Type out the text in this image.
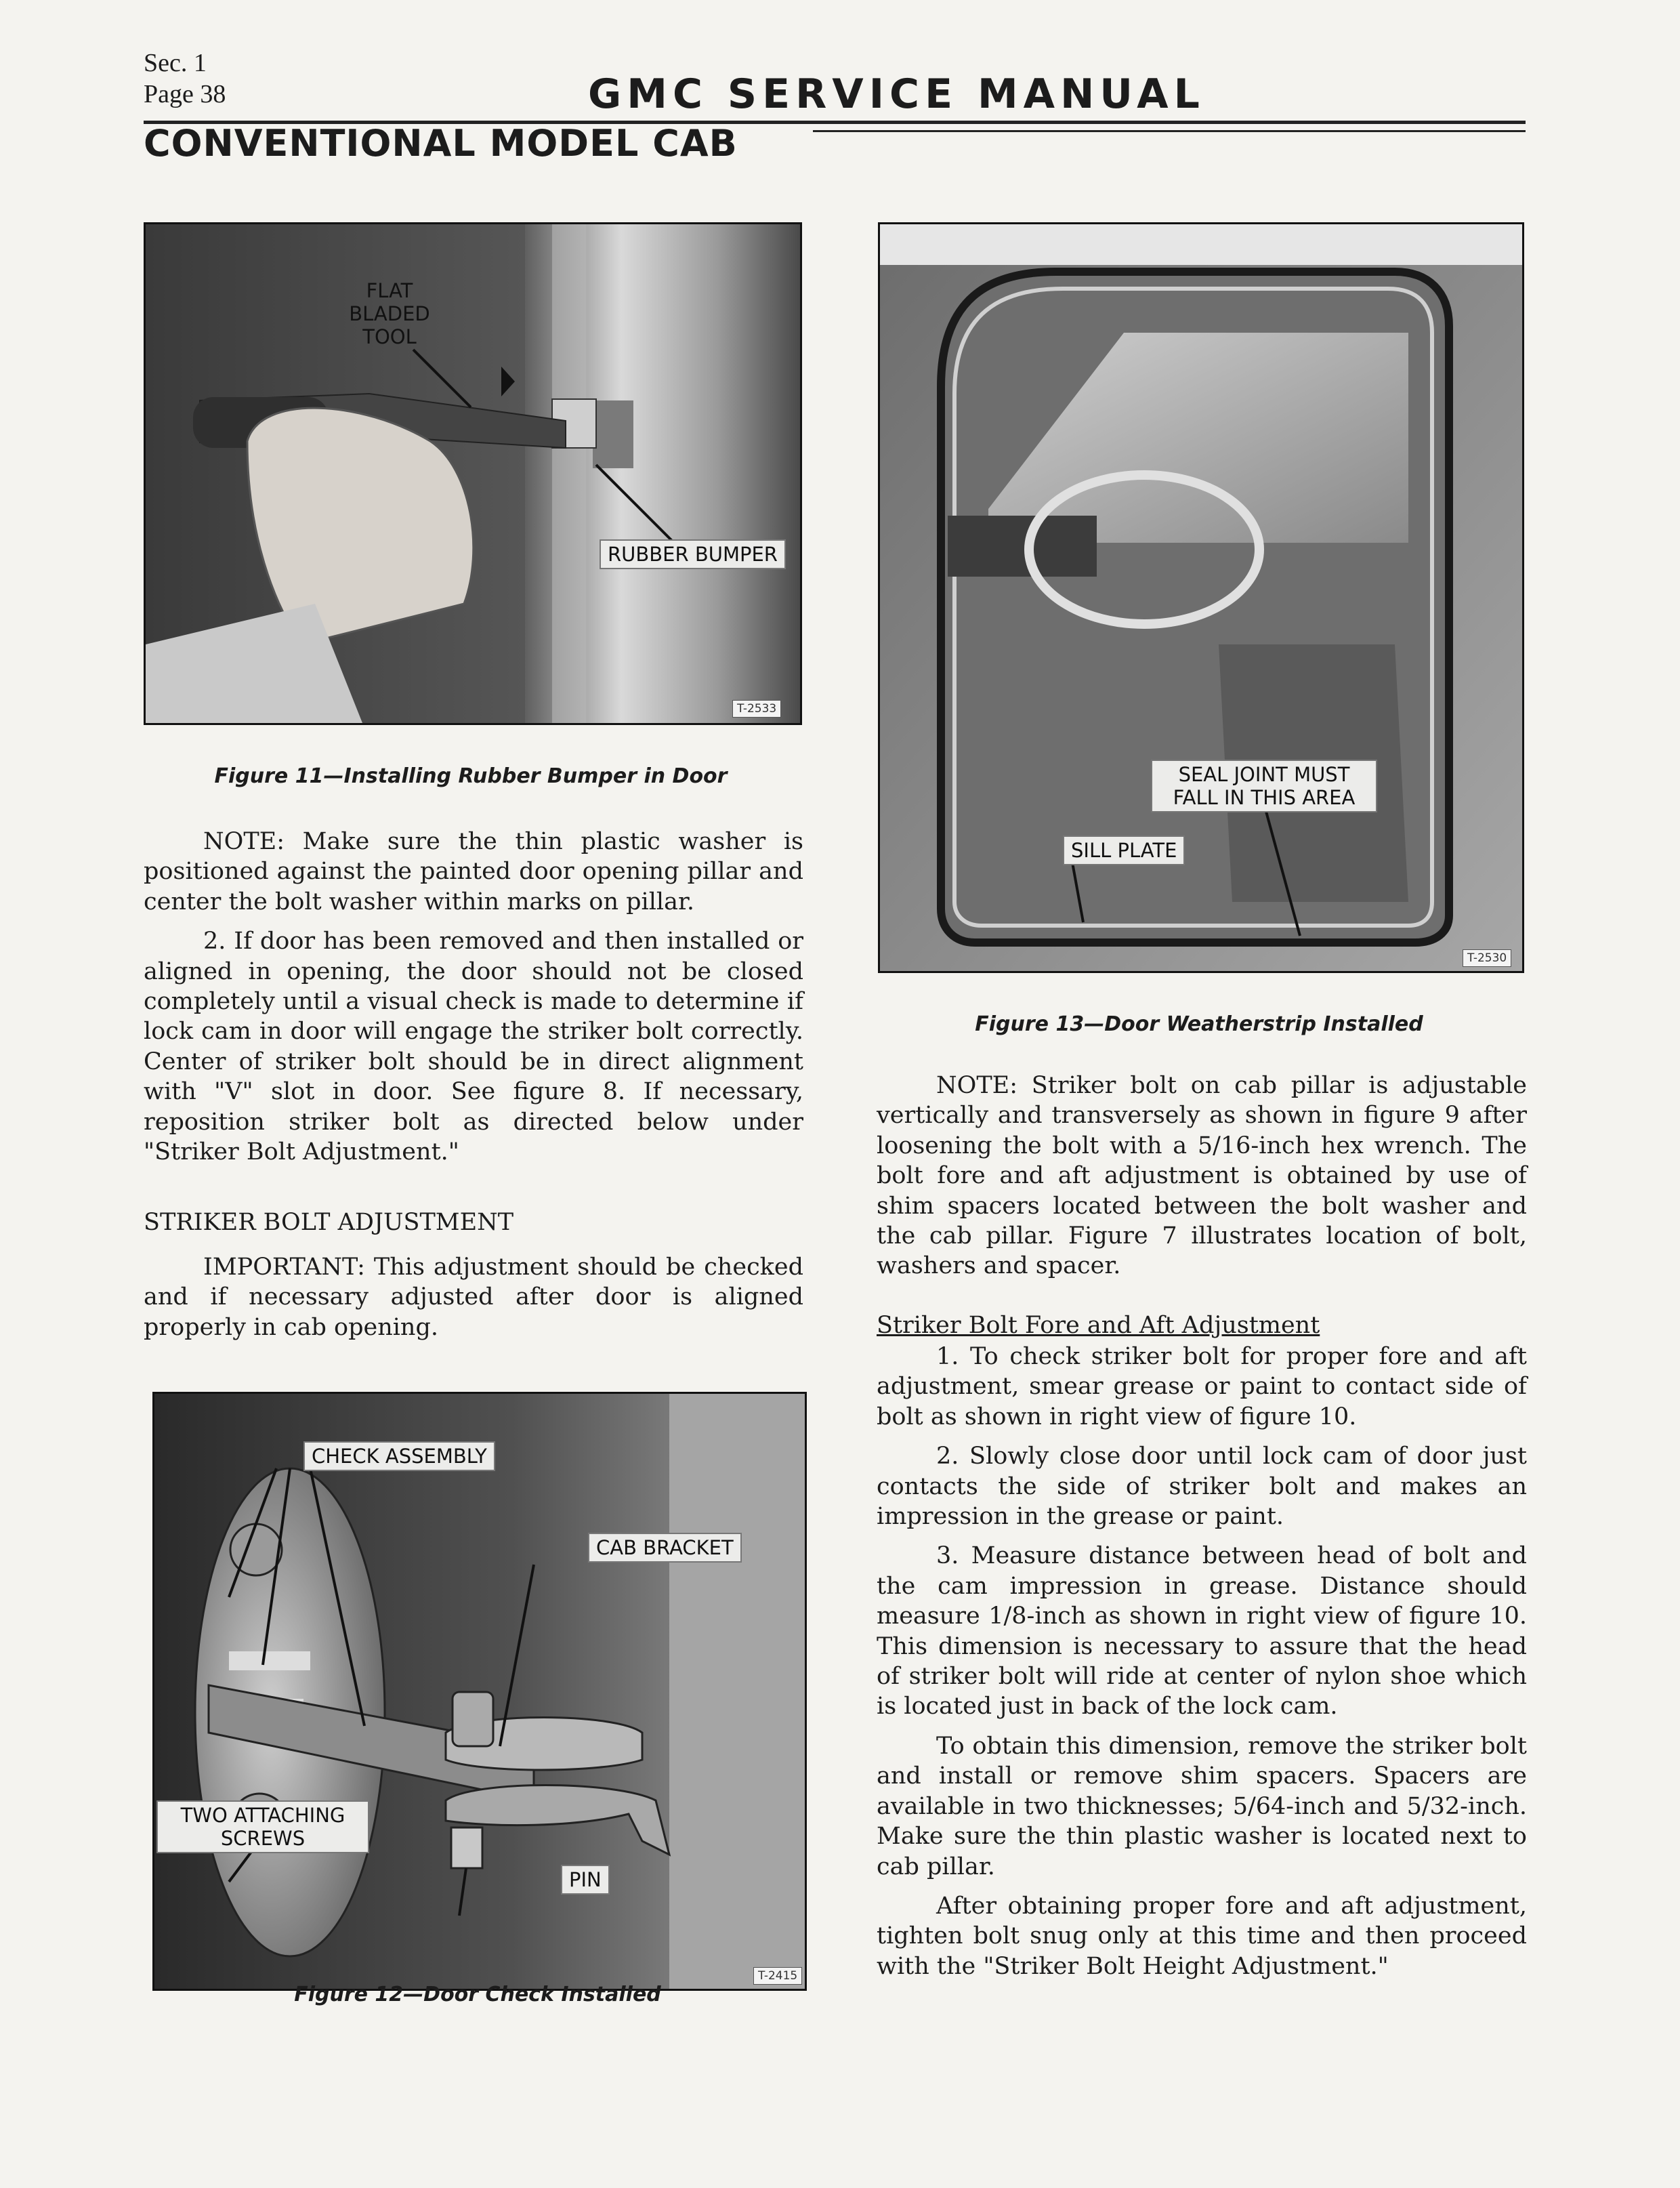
Sec. 1
Page 38	GMC SERVICE MANUAL
CONVENTIONAL MODEL CAB
FLAT BLADED TOOL
RUBBER BUMPER
T-2533
Figure 11—Installing Rubber Bumper in Door

NOTE: Make sure the thin plastic washer is positioned against the painted door opening pillar and center the bolt washer within marks on pillar.

2. If door has been removed and then installed or aligned in opening, the door should not be closed completely until a visual check is made to determine if lock cam in door will engage the striker bolt correctly. Center of striker bolt should be in direct alignment with "V" slot in door. See figure 8. If necessary, reposition striker bolt as directed below under "Striker Bolt Adjustment."

STRIKER BOLT ADJUSTMENT

IMPORTANT: This adjustment should be checked and if necessary adjusted after door is aligned properly in cab opening.

CHECK ASSEMBLY
CAB BRACKET
TWO ATTACHING SCREWS
PIN
T-2415
Figure 12—Door Check Installed
SEAL JOINT MUST FALL IN THIS AREA
SILL PLATE
T-2530
Figure 13—Door Weatherstrip Installed

NOTE: Striker bolt on cab pillar is adjustable vertically and transversely as shown in figure 9 after loosening the bolt with a 5/16-inch hex wrench. The bolt fore and aft adjustment is obtained by use of shim spacers located between the bolt washer and the cab pillar. Figure 7 illustrates location of bolt, washers and spacer.

Striker Bolt Fore and Aft Adjustment

1. To check striker bolt for proper fore and aft adjustment, smear grease or paint to contact side of bolt as shown in right view of figure 10.

2. Slowly close door until lock cam of door just contacts the side of striker bolt and makes an impression in the grease or paint.

3. Measure distance between head of bolt and the cam impression in grease. Distance should measure 1/8-inch as shown in right view of figure 10. This dimension is necessary to assure that the head of striker bolt will ride at center of nylon shoe which is located just in back of the lock cam.

To obtain this dimension, remove the striker bolt and install or remove shim spacers. Spacers are available in two thicknesses; 5/64-inch and 5/32-inch. Make sure the thin plastic washer is located next to cab pillar.

After obtaining proper fore and aft adjustment, tighten bolt snug only at this time and then proceed with the "Striker Bolt Height Adjustment."
